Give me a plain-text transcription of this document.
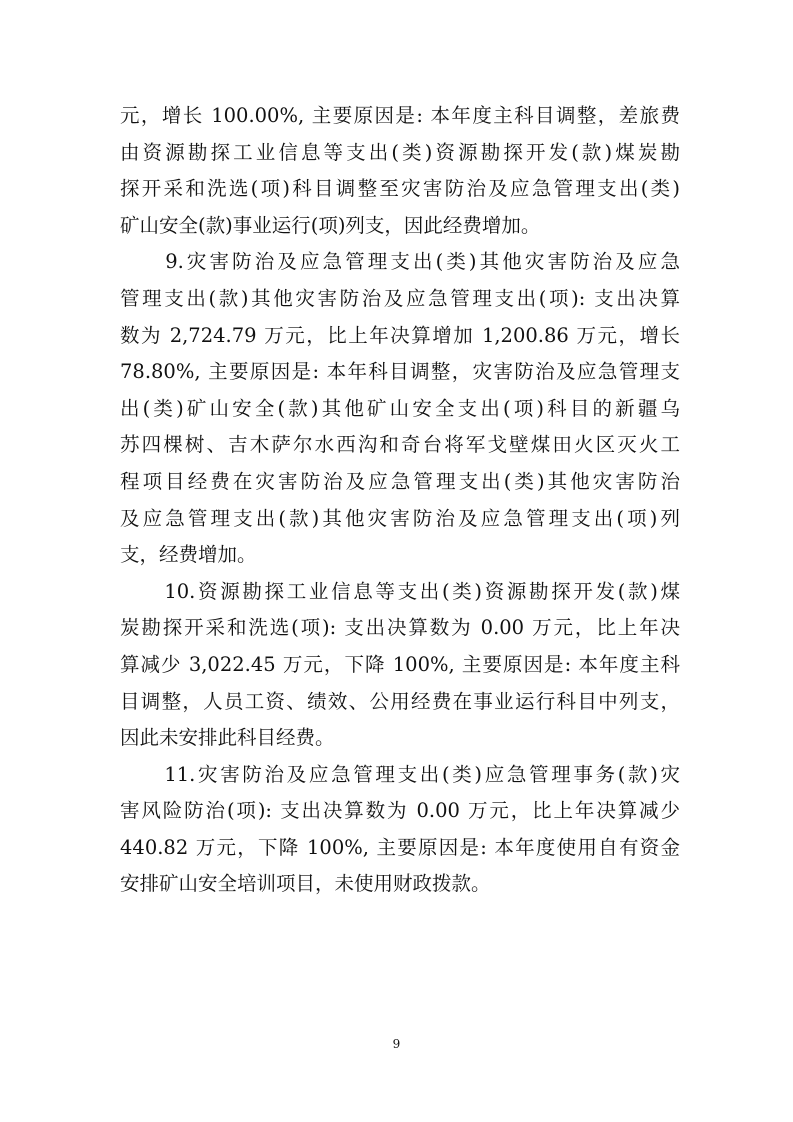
元，增长 100.00%, 主要原因是: 本年度主科目调整，差旅费
由资源勘探工业信息等支出(类)资源勘探开发(款)煤炭勘
探开采和洗选(项)科目调整至灾害防治及应急管理支出(类)
矿山安全(款)事业运行(项)列支，因此经费增加。
　　9.灾害防治及应急管理支出(类)其他灾害防治及应急
管理支出(款)其他灾害防治及应急管理支出(项): 支出决算
数为 2,724.79 万元，比上年决算增加 1,200.86 万元，增长
78.80%, 主要原因是: 本年科目调整，灾害防治及应急管理支
出(类)矿山安全(款)其他矿山安全支出(项)科目的新疆乌
苏四棵树、吉木萨尔水西沟和奇台将军戈壁煤田火区灭火工
程项目经费在灾害防治及应急管理支出(类)其他灾害防治
及应急管理支出(款)其他灾害防治及应急管理支出(项)列
支，经费增加。
　　10.资源勘探工业信息等支出(类)资源勘探开发(款)煤
炭勘探开采和洗选(项): 支出决算数为 0.00 万元，比上年决
算减少 3,022.45 万元，下降 100%, 主要原因是: 本年度主科
目调整，人员工资、绩效、公用经费在事业运行科目中列支，
因此未安排此科目经费。
　　11.灾害防治及应急管理支出(类)应急管理事务(款)灾
害风险防治(项): 支出决算数为 0.00 万元，比上年决算减少
440.82 万元，下降 100%, 主要原因是: 本年度使用自有资金
安排矿山安全培训项目，未使用财政拨款。
9
